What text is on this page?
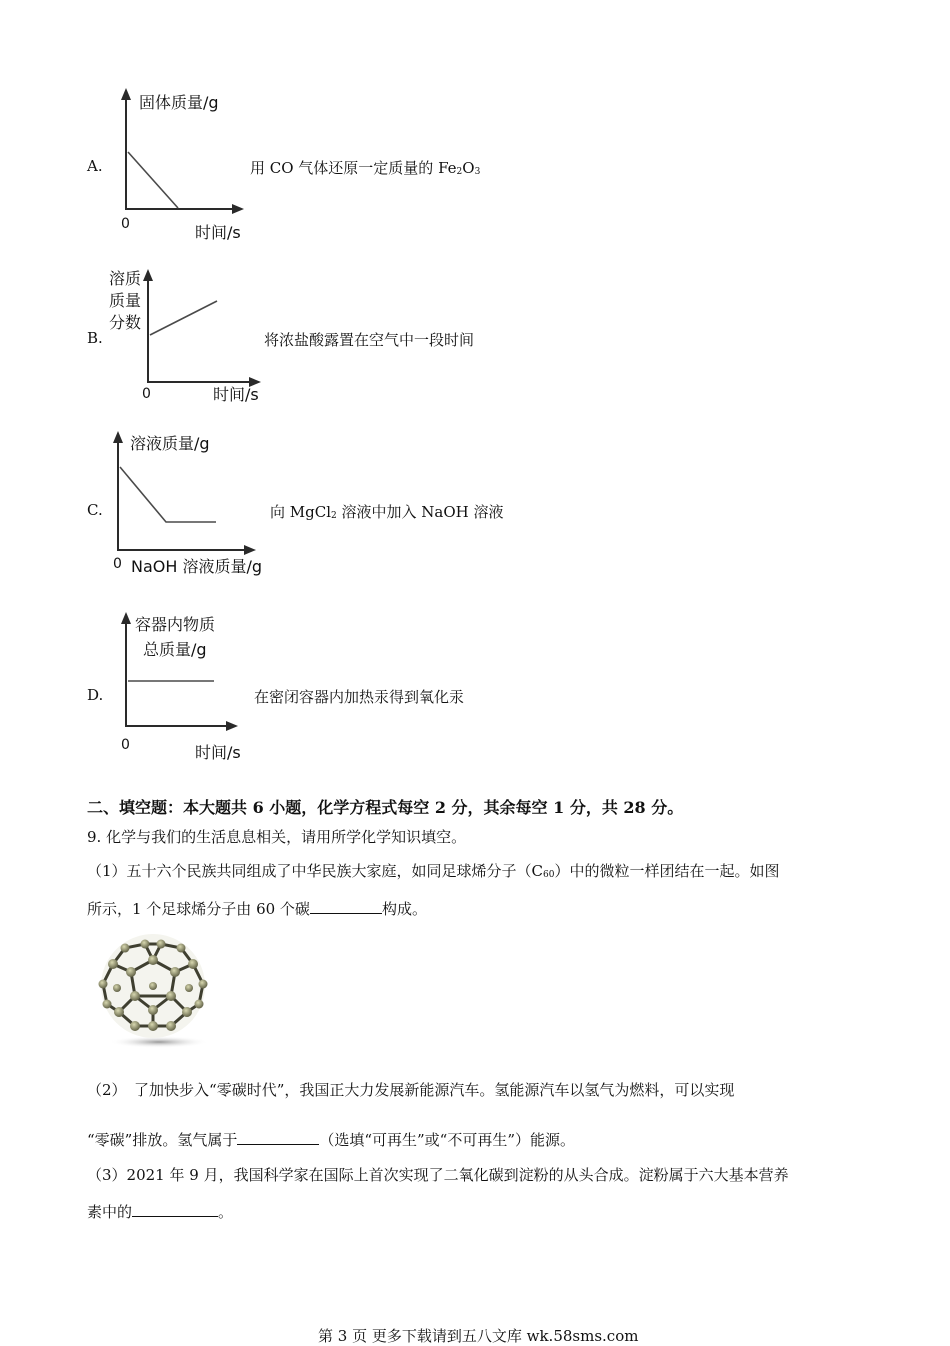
A.
固体质量/g
时间/s
0
用 CO 气体还原一定质量的 $Fe_2O_3$
B.
溶质
质量
分数
时间/s
0
将浓盐酸露置在空气中一段时间
C.
溶液质量/g
NaOH 溶液质量/g
0
向 MgCl$_2$ 溶液中加入 NaOH 溶液
D.
容器内物质
总质量/g
时间/s
0
在密闭容器内加热汞得到氧化汞
二、填空题：本大题共 6 小题，化学方程式每空 2 分，其余每空 1 分，共 28 分。
9. 化学与我们的生活息息相关，请用所学化学知识填空。
（1）五十六个民族共同组成了中华民族大家庭，如同足球烯分子$(C_{60})$中的微粒一样团结在一起。如图
所示，1 个足球烯分子由 60 个碳	构成。
（2）　了加快步入“零碳时代”，我国正大力发展新能源汽车。氢能源汽车以氢气为燃料，可以实现
“零碳”排放。氢气属于	（选填“可再生”或“不可再生”）能源。
（3）2021 年 9 月，我国科学家在国际上首次实现了二氧化碳到淀粉的从头合成。淀粉属于六大基本营养
素中的	。
第 3 页 更多下载请到五八文库 wk.58sms.com
